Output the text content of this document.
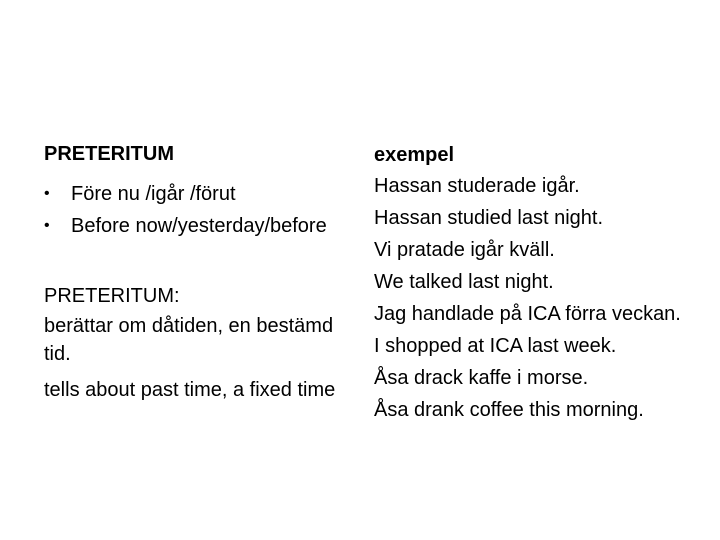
PRETERITUM
• Före nu /igår /förut
• Before now/yesterday/before

PRETERITUM:

berättar om dåtiden, en bestämd tid.

tells about past time, a fixed time

exempel

Hassan studerade igår.

Hassan studied last night.

Vi pratade igår kväll.

We talked last night.

Jag handlade på ICA förra veckan.

I shopped at ICA last week.

Åsa drack kaffe i morse.

Åsa drank coffee this morning.
